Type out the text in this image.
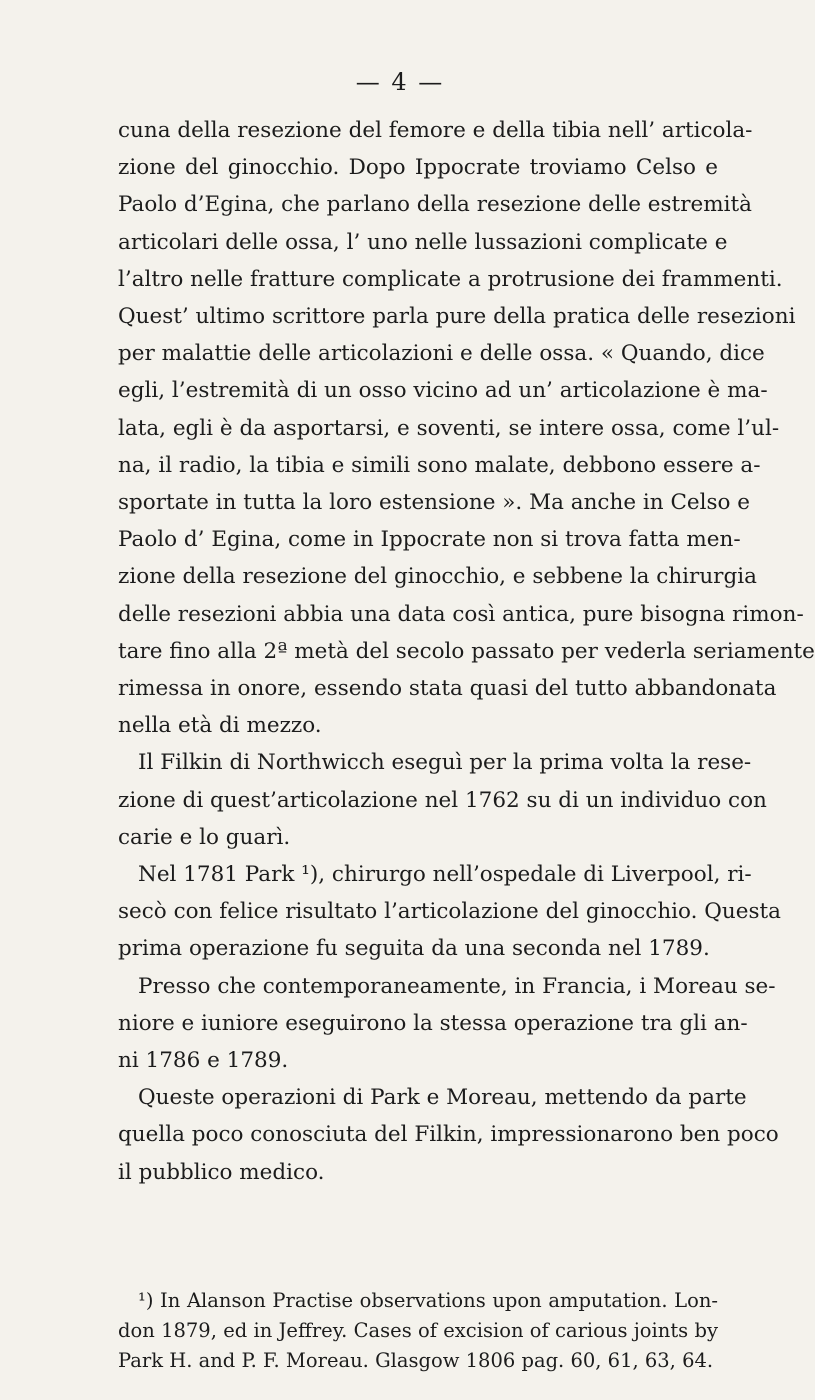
— 4 —
cuna della resezione del femore e della tibia nell’ articola-
zione del ginocchio. Dopo Ippocrate troviamo Celso e
Paolo d’Egina, che parlano della resezione delle estremità
articolari delle ossa, l’ uno nelle lussazioni complicate e
l’altro nelle fratture complicate a protrusione dei frammenti.
Quest’ ultimo scrittore parla pure della pratica delle resezioni
per malattie delle articolazioni e delle ossa. « Quando, dice
egli, l’estremità di un osso vicino ad un’ articolazione è ma-
lata, egli è da asportarsi, e soventi, se intere ossa, come l’ul-
na, il radio, la tibia e simili sono malate, debbono essere a-
sportate in tutta la loro estensione ». Ma anche in Celso e
Paolo d’ Egina, come in Ippocrate non si trova fatta men-
zione della resezione del ginocchio, e sebbene la chirurgia
delle resezioni abbia una data così antica, pure bisogna rimon-
tare fino alla 2ª metà del secolo passato per vederla seriamente
rimessa in onore, essendo stata quasi del tutto abbandonata
nella età di mezzo.
Il Filkin di Northwicch eseguì per la prima volta la rese-
zione di quest’articolazione nel 1762 su di un individuo con
carie e lo guarì.
Nel 1781 Park ¹), chirurgo nell’ospedale di Liverpool, ri-
secò con felice risultato l’articolazione del ginocchio. Questa
prima operazione fu seguita da una seconda nel 1789.
Presso che contemporaneamente, in Francia, i Moreau se-
niore e iuniore eseguirono la stessa operazione tra gli an-
ni 1786 e 1789.
Queste operazioni di Park e Moreau, mettendo da parte
quella poco conosciuta del Filkin, impressionarono ben poco
il pubblico medico.
¹) In Alanson Practise observations upon amputation. Lon-
don 1879, ed in Jeffrey. Cases of excision of carious joints by
Park H. and P. F. Moreau. Glasgow 1806 pag. 60, 61, 63, 64.
